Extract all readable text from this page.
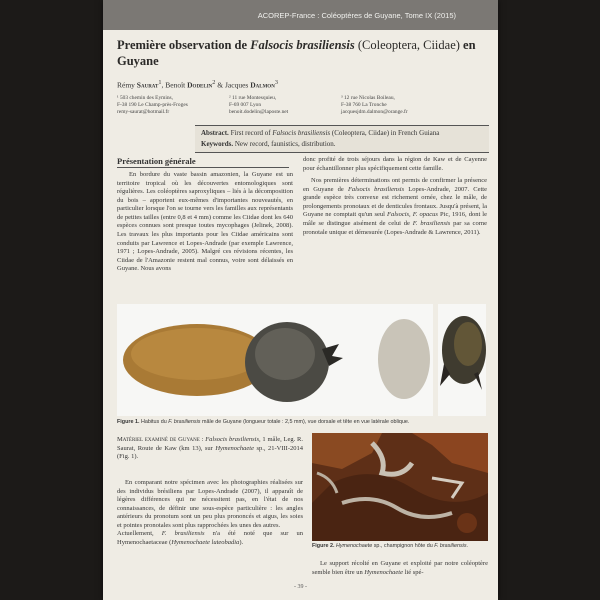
ACOREP-France : Coléoptères de Guyane, Tome IX (2015)
Première observation de Falsocis brasiliensis (Coleoptera, Ciidae) en Guyane
Rémy Saurat$^1$, Benoît Dodelin$^2$ & Jacques Dalmon$^3$
¹ 503 chemin des Eymins,
F-38 190 Le Champ-près-Froges
remy-saurat@hotmail.fr
² 11 rue Montesquieu,
F-69 007 Lyon
benoit.dodelin@laposte.net
³ 12 rue Nicolas Boileau,
F-38 760 La Tronche
jacquesjdm.dalmon@orange.fr
Abstract. First record of Falsocis brasiliensis (Coleoptera, Ciidae) in French Guiana
Keywords. New record, faunistics, distribution.
Présentation générale
En bordure du vaste bassin amazonien, la Guyane est un territoire tropical où les découvertes entomologiques sont régulières. Les coléoptères saproxyliques – liés à la décomposition du bois – apportent eux-mêmes d'importantes nouveautés, en particulier lorsque l'on se tourne vers les familles aux représentants de petites tailles (entre 0,8 et 4 mm) comme les Ciidae dont les 640 espèces connues sont presque toutes mycophages (Jelinek, 2008). Les travaux les plus importants pour les Ciidae américains sont conduits par Lawrence et Lopes-Andrade (par exemple Lawrence, 1971 ; Lopes-Andrade, 2005). Malgré ces révisions récentes, les Ciidae de l'Amazonie restent mal connus, voire sont délaissés en Guyane. Nous avons

donc profité de trois séjours dans la région de Kaw et de Cayenne pour échantillonner plus spécifiquement cette famille.

Nos premières déterminations ont permis de confirmer la présence en Guyane de Falsocis brasiliensis Lopes-Andrade, 2007. Cette grande espèce très convexe est richement ornée, chez le mâle, de prolongements pronotaux et de denticules frontaux. Jusqu'à présent, la Guyane ne comptait qu'un seul Falsocis, F. opacus Pic, 1916, dont le mâle se distingue aisément de celui de F. brasiliensis par sa corne pronotale unique et démesurée (Lopes-Andrade & Lawrence, 2011).

Figure 1. Habitus du F. brasiliensis mâle de Guyane (longueur totale : 2,5 mm), vue dorsale et tête en vue latérale oblique.
Matériel examiné de Guyane : Falsocis brasiliensis, 1 mâle, Leg. R. Saurat, Route de Kaw (km 13), sur Hymenochaete sp., 21-VIII-2014 (Fig. 1).
En comparant notre spécimen avec les photographies réalisées sur des individus brésiliens par Lopes-Andrade (2007), il apparaît de légères différences qui ne nécessitent pas, en l'état de nos connaissances, de définir une sous-espèce particulière : les angles antérieurs du pronotum sont un peu plus prononcés et aigus, les soies et pointes pronotales sont plus rapprochées les unes des autres.
Actuellement, F. brasiliensis n'a été noté que sur un Hymenochaetaceae (Hymenochaete luteobadia).	Figure 2. Hymenochaete sp., champignon hôte du F. brasiliensis.
Le support récolté en Guyane et exploité par notre coléoptère semble bien être un Hymenochaete lié spé-
- 39 -
